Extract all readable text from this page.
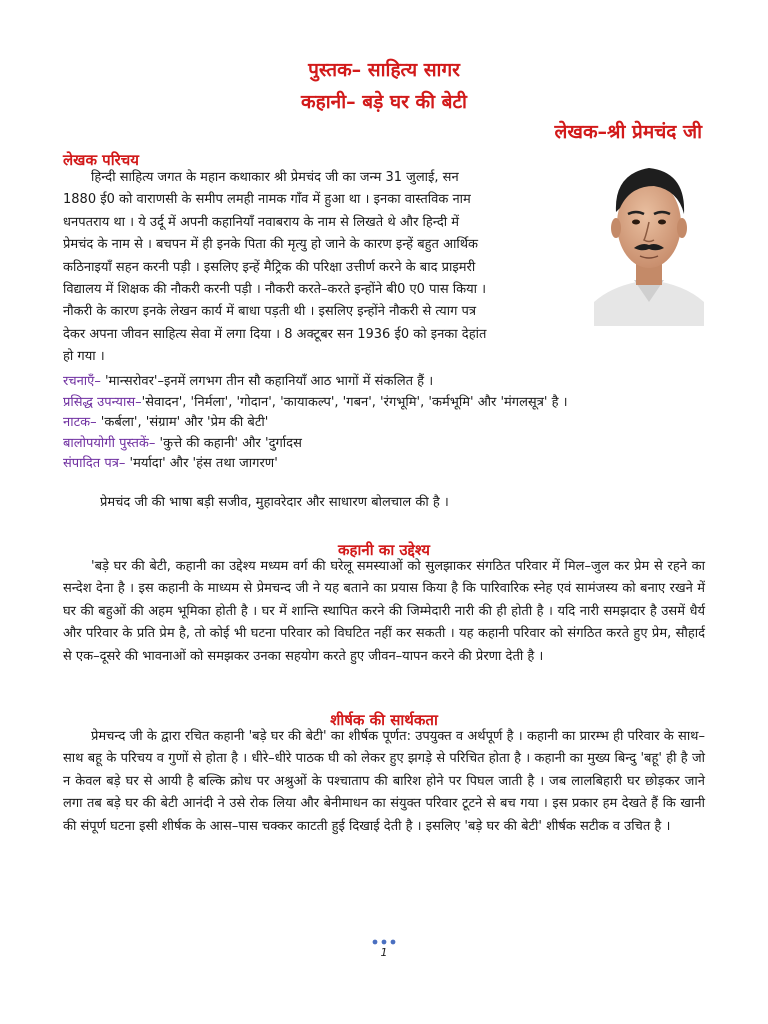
पुस्तक– साहित्य सागर
कहानी– बड़े घर की बेटी
लेखक–श्री प्रेमचंद जी
लेखक परिचय
हिन्दी साहित्य जगत के महान कथाकार श्री प्रेमचंद जी का जन्म 31 जुलाई, सन
1880 ई0 को वाराणसी के समीप लमही नामक गाँव में हुआ था । इनका वास्तविक नाम
धनपतराय था । ये उर्दू में अपनी कहानियाँ नवाबराय के नाम से लिखते थे और हिन्दी में
प्रेमचंद के नाम से । बचपन में ही इनके पिता की मृत्यु हो जाने के कारण इन्हें बहुत आर्थिक
कठिनाइयाँ सहन करनी पड़ी । इसलिए इन्हें मैट्रिक की परिक्षा उत्तीर्ण करने के बाद प्राइमरी
विद्यालय में शिक्षक की नौकरी करनी पड़ी । नौकरी करते–करते इन्होंने बी0 ए0 पास किया ।
नौकरी के कारण इनके लेखन कार्य में बाधा पड़ती थी । इसलिए इन्होंने नौकरी से त्याग पत्र
देकर अपना जीवन साहित्य सेवा में लगा दिया । 8 अक्टूबर सन 1936 ई0 को इनका देहांत
हो गया ।
रचनाएँ– 'मान्सरोवर'–इनमें लगभग तीन सौ कहानियाँ आठ भागों में संकलित हैं ।
प्रसिद्ध उपन्यास–'सेवादन', 'निर्मला', 'गोदान', 'कायाकल्प', 'गबन', 'रंगभूमि', 'कर्मभूमि' और 'मंगलसूत्र' है ।
नाटक– 'कर्बला', 'संग्राम' और 'प्रेम की बेटी'
बालोपयोगी पुस्तकें– 'कुत्ते की कहानी' और 'दुर्गादस
संपादित पत्र– 'मर्यादा' और 'हंस तथा जागरण'
प्रेमचंद जी की भाषा बड़ी सजीव, मुहावरेदार और साधारण बोलचाल की है ।
कहानी का उद्देश्य
'बड़े घर की बेटी, कहानी का उद्देश्य मध्यम वर्ग की घरेलू समस्याओं को सुलझाकर संगठित परिवार में मिल–जुल कर प्रेम से रहने का सन्देश देना है । इस कहानी के माध्यम से प्रेमचन्द जी ने यह बताने का प्रयास किया है कि पारिवारिक स्नेह एवं सामंजस्य को बनाए रखने में घर की बहुओं की अहम भूमिका होती है । घर में शान्ति स्थापित करने की जिम्मेदारी नारी की ही होती है । यदि नारी समझदार है उसमें धैर्य और परिवार के प्रति प्रेम है, तो कोई भी घटना परिवार को विघटित नहीं कर सकती । यह कहानी परिवार को संगठित करते हुए प्रेम, सौहार्द से एक–दूसरे की भावनाओं को समझकर उनका सहयोग करते हुए जीवन–यापन करने की प्रेरणा देती है ।
शीर्षक की सार्थकता
प्रेमचन्द जी के द्वारा रचित कहानी 'बड़े घर की बेटी' का शीर्षक पूर्णत: उपयुक्त व अर्थपूर्ण है । कहानी का प्रारम्भ ही परिवार के साथ–साथ बहू के परिचय व गुणों से होता है । धीरे–धीरे पाठक घी को लेकर हुए झगड़े से परिचित होता है । कहानी का मुख्य बिन्दु 'बहू' ही है जो न केवल बड़े घर से आयी है बल्कि क्रोध पर अश्रुओं के पश्चाताप की बारिश होने पर पिघल जाती है । जब लालबिहारी घर छोड़कर जाने लगा तब बड़े घर की बेटी आनंदी ने उसे रोक लिया और बेनीमाधन का संयुक्त परिवार टूटने से बच गया । इस प्रकार हम देखते हैं कि खानी की संपूर्ण घटना इसी शीर्षक के आस–पास चक्कर काटती हुई दिखाई देती है । इसलिए 'बड़े घर की बेटी' शीर्षक सटीक व उचित है ।
1
